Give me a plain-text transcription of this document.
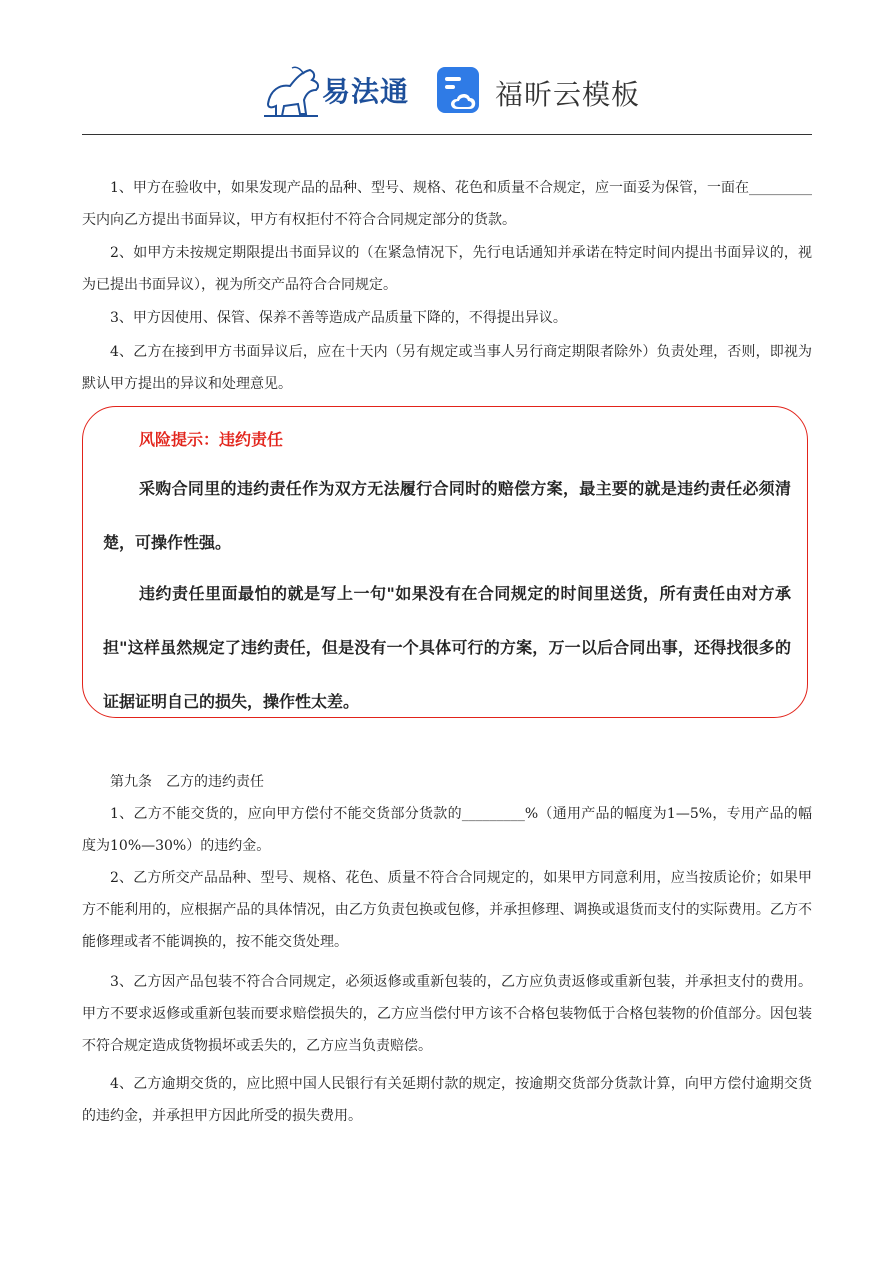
易法通	福昕云模板

1、甲方在验收中，如果发现产品的品种、型号、规格、花色和质量不合规定，应一面妥为保管，一面在_________天内向乙方提出书面异议，甲方有权拒付不符合合同规定部分的货款。

2、如甲方未按规定期限提出书面异议的（在紧急情况下，先行电话通知并承诺在特定时间内提出书面异议的，视为已提出书面异议），视为所交产品符合合同规定。

3、甲方因使用、保管、保养不善等造成产品质量下降的，不得提出异议。

4、乙方在接到甲方书面异议后，应在十天内（另有规定或当事人另行商定期限者除外）负责处理，否则，即视为默认甲方提出的异议和处理意见。

风险提示：违约责任

采购合同里的违约责任作为双方无法履行合同时的赔偿方案，最主要的就是违约责任必须清楚，可操作性强。

违约责任里面最怕的就是写上一句"如果没有在合同规定的时间里送货，所有责任由对方承担"这样虽然规定了违约责任，但是没有一个具体可行的方案，万一以后合同出事，还得找很多的证据证明自己的损失，操作性太差。

第九条　乙方的违约责任

1、乙方不能交货的，应向甲方偿付不能交货部分货款的_________%（通用产品的幅度为1—5%，专用产品的幅度为10%—30%）的违约金。

2、乙方所交产品品种、型号、规格、花色、质量不符合合同规定的，如果甲方同意利用，应当按质论价；如果甲方不能利用的，应根据产品的具体情况，由乙方负责包换或包修，并承担修理、调换或退货而支付的实际费用。乙方不能修理或者不能调换的，按不能交货处理。

3、乙方因产品包装不符合合同规定，必须返修或重新包装的，乙方应负责返修或重新包装，并承担支付的费用。甲方不要求返修或重新包装而要求赔偿损失的，乙方应当偿付甲方该不合格包装物低于合格包装物的价值部分。因包装不符合规定造成货物损坏或丢失的，乙方应当负责赔偿。

4、乙方逾期交货的，应比照中国人民银行有关延期付款的规定，按逾期交货部分货款计算，向甲方偿付逾期交货的违约金，并承担甲方因此所受的损失费用。
